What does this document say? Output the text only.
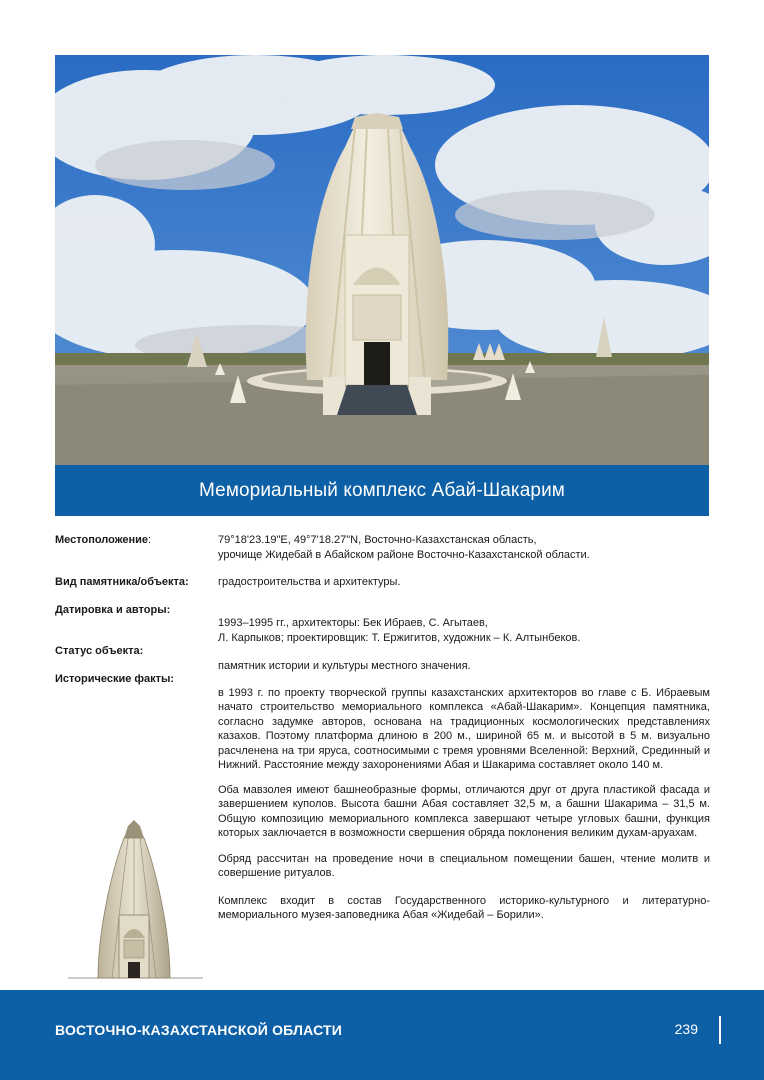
Мемориальный комплекс Абай-Шакарим
Местоположение:	79°18'23.19"E, 49°7'18.27"N, Восточно-Казахстанская область,
урочище Жидебай в Абайском районе Восточно-Казахстанской области.
Вид памятника/объекта:	градостроительства и архитектуры.
Датировка и авторы:
1993–1995 гг., архитекторы: Бек Ибраев, С. Агытаев,
Л. Карпыков; проектировщик: Т. Ержигитов, художник – К. Алтынбеков.
Статус объекта:
памятник истории и культуры местного значения.
Исторические факты:

в 1993 г. по проекту творческой группы казахстанских архитекторов во главе с Б. Ибраевым начато строительство мемориального комплекса «Абай-Шакарим». Концепция памятника, согласно задумке авторов, основана на традиционных космологических представлениях казахов. Поэтому платформа длиною в 200 м., шириной 65 м. и высотой в 5 м. визуально расчленена на три яруса, соотносимыми с тремя уровнями Вселенной: Верхний, Срединный и Нижний. Расстояние между захоронениями Абая и Шакарима составляет около 140 м.

Оба мавзолея имеют башнеобразные формы, отличаются друг от друга пластикой фасада и завершением куполов. Высота башни Абая составляет 32,5 м, а башни Шакарима – 31,5 м. Общую композицию мемориального комплекса завершают четыре угловых башни, функция которых заключается в возможности свершения обряда поклонения великим духам-аруахам.

Обряд рассчитан на проведение ночи в специальном помещении башен, чтение молитв и совершение ритуалов.

Комплекс входит в состав Государственного историко-культурного и литературно-мемориального музея-заповедника Абая «Жидебай – Борили».

ВОСТОЧНО-КАЗАХСТАНСКОЙ ОБЛАСТИ	239
